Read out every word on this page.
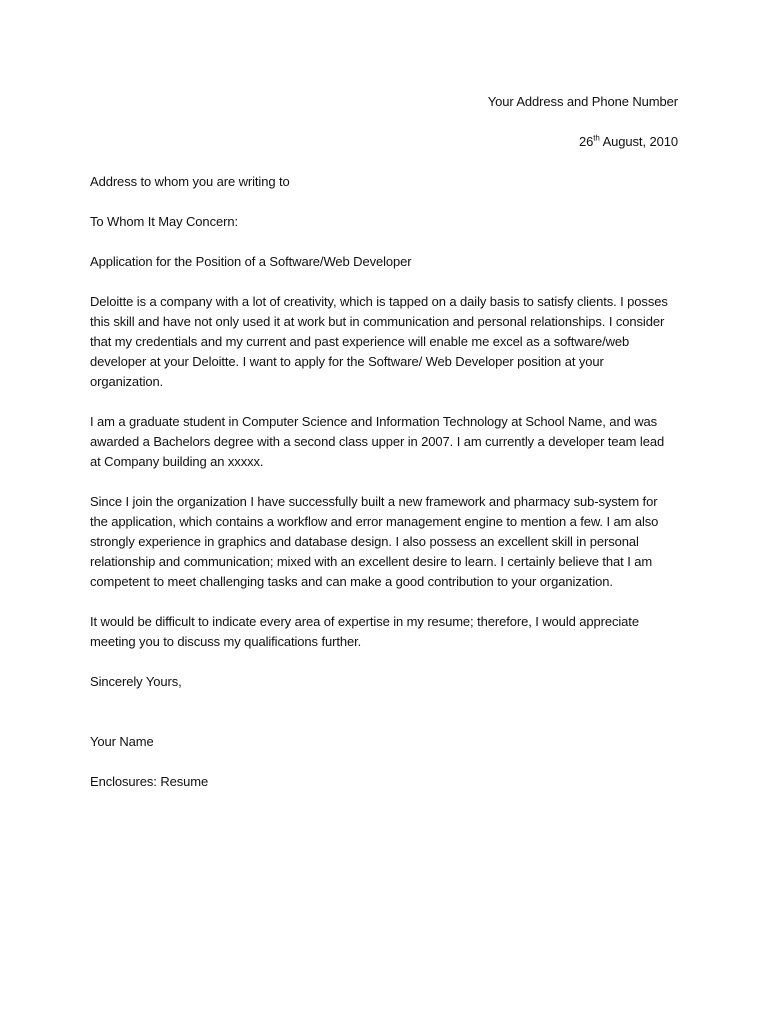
Your Address and Phone Number

26th August, 2010

Address to whom you are writing to

To Whom It May Concern:

Application for the Position of a Software/Web Developer

Deloitte is a company with a lot of creativity, which is tapped on a daily basis to satisfy clients. I posses this skill and have not only used it at work but in communication and personal relationships. I consider that my credentials and my current and past experience will enable me excel as a software/web developer at your Deloitte. I want to apply for the Software/ Web Developer position at your organization.

I am a graduate student in Computer Science and Information Technology at School Name, and was awarded a Bachelors degree with a second class upper in 2007. I am currently a developer team lead at Company building an xxxxx.

Since I join the organization I have successfully built a new framework and pharmacy sub-system for the application, which contains a workflow and error management engine to mention a few. I am also strongly experience in graphics and database design. I also possess an excellent skill in personal relationship and communication; mixed with an excellent desire to learn. I certainly believe that I am competent to meet challenging tasks and can make a good contribution to your organization.

It would be difficult to indicate every area of expertise in my resume; therefore, I would appreciate meeting you to discuss my qualifications further.

Sincerely Yours,

Your Name

Enclosures: Resume
